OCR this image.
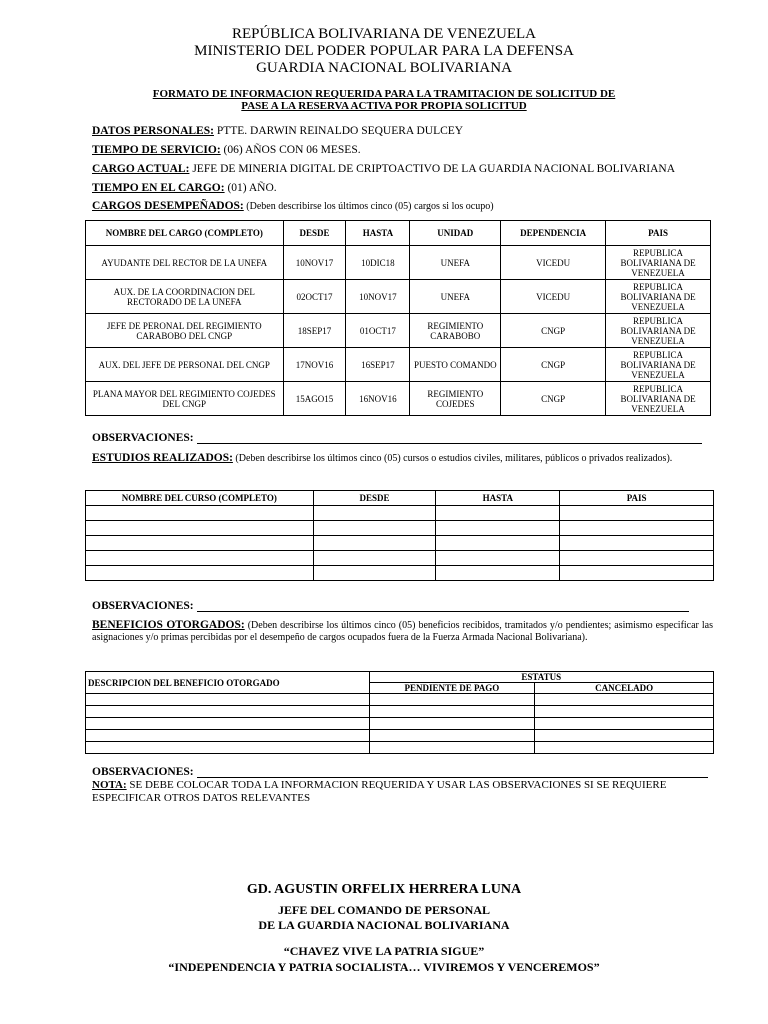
REPÚBLICA BOLIVARIANA DE VENEZUELA
MINISTERIO DEL PODER POPULAR PARA LA DEFENSA
GUARDIA NACIONAL BOLIVARIANA
FORMATO DE INFORMACION REQUERIDA PARA LA TRAMITACION DE SOLICITUD DE
PASE A LA RESERVA ACTIVA POR PROPIA SOLICITUD
DATOS PERSONALES: PTTE. DARWIN REINALDO SEQUERA DULCEY
TIEMPO DE SERVICIO: (06) AÑOS CON 06 MESES.
CARGO ACTUAL: JEFE DE MINERIA DIGITAL DE CRIPTOACTIVO DE LA GUARDIA NACIONAL BOLIVARIANA
TIEMPO EN EL CARGO: (01) AÑO.
CARGOS DESEMPEÑADOS: (Deben describirse los últimos cinco (05) cargos si los ocupo)
NOMBRE DEL CARGO (COMPLETO)	DESDE	HASTA	UNIDAD	DEPENDENCIA	PAIS
AYUDANTE DEL RECTOR DE LA UNEFA	10NOV17	10DIC18	UNEFA	VICEDU	REPUBLICA BOLIVARIANA DE VENEZUELA
AUX. DE LA COORDINACION DEL RECTORADO DE LA UNEFA	02OCT17	10NOV17	UNEFA	VICEDU	REPUBLICA BOLIVARIANA DE VENEZUELA
JEFE DE PERONAL DEL REGIMIENTO CARABOBO DEL CNGP	18SEP17	01OCT17	REGIMIENTO CARABOBO	CNGP	REPUBLICA BOLIVARIANA DE VENEZUELA
AUX. DEL JEFE DE PERSONAL DEL CNGP	17NOV16	16SEP17	PUESTO COMANDO	CNGP	REPUBLICA BOLIVARIANA DE VENEZUELA
PLANA MAYOR DEL REGIMIENTO COJEDES DEL CNGP	15AGO15	16NOV16	REGIMIENTO COJEDES	CNGP	REPUBLICA BOLIVARIANA DE VENEZUELA
OBSERVACIONES:
ESTUDIOS REALIZADOS: (Deben describirse los últimos cinco (05) cursos o estudios civiles, militares, públicos o privados realizados).
NOMBRE DEL CURSO (COMPLETO)	DESDE	HASTA	PAIS

OBSERVACIONES:
BENEFICIOS OTORGADOS: (Deben describirse los últimos cinco (05) beneficios recibidos, tramitados y/o pendientes; asimismo especificar las asignaciones y/o primas percibidas por el desempeño de cargos ocupados fuera de la Fuerza Armada Nacional Bolivariana).
DESCRIPCION DEL BENEFICIO OTORGADO	ESTATUS	
	PENDIENTE DE PAGO	CANCELADO

OBSERVACIONES:
NOTA: SE DEBE COLOCAR TODA LA INFORMACION REQUERIDA Y USAR LAS OBSERVACIONES SI SE REQUIERE ESPECIFICAR OTROS DATOS RELEVANTES
GD. AGUSTIN ORFELIX HERRERA LUNA
JEFE DEL COMANDO DE PERSONAL
DE LA GUARDIA NACIONAL BOLIVARIANA
“CHAVEZ VIVE LA PATRIA SIGUE”
“INDEPENDENCIA Y PATRIA SOCIALISTA… VIVIREMOS Y VENCEREMOS”
